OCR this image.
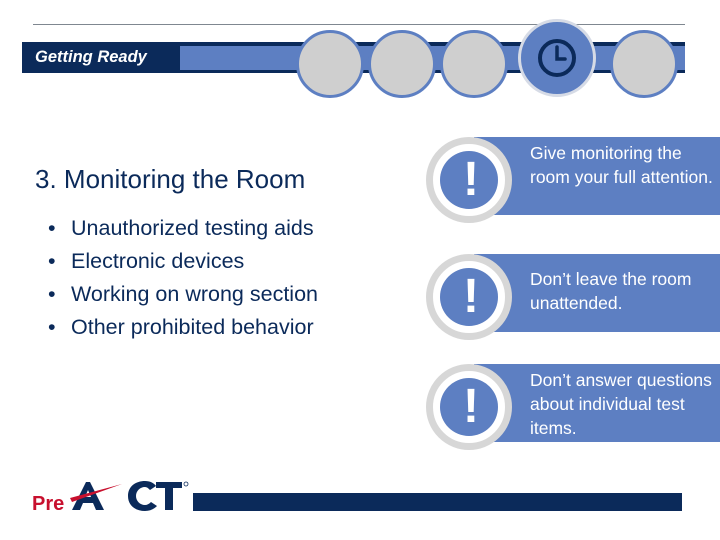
Getting Ready
3. Monitoring the Room
• Unauthorized testing aids
• Electronic devices
• Working on wrong section
• Other prohibited behavior
!	Give monitoring the room your full attention.
!	Don’t leave the room unattended.
!	Don’t answer questions about individual test items.
Pre
